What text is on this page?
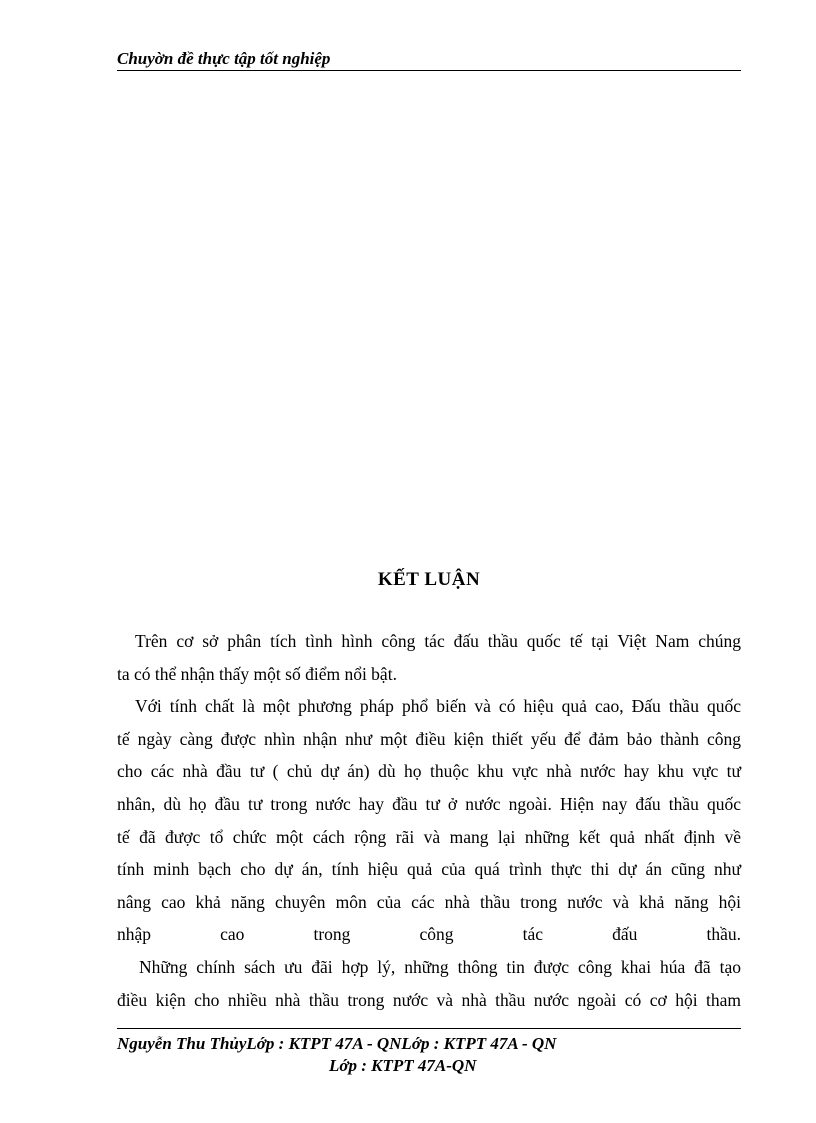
Chuyờn đề thực tập tốt nghiệp
KẾT LUẬN
Trên cơ sở phân tích tình hình công tác đấu thầu quốc tế tại Việt Nam chúng
ta có thể nhận thấy một số điểm nổi bật.
Với tính chất là một phương pháp phổ biến và có hiệu quả cao, Đấu thầu quốc
tế ngày càng được nhìn nhận như một điều kiện thiết yếu để đảm bảo thành công
cho các nhà đầu tư ( chủ dự án) dù họ thuộc khu vực nhà nước hay khu vực tư
nhân, dù họ đầu tư trong nước hay đầu tư ở nước ngoài. Hiện nay đấu thầu quốc
tế đã được tổ chức một cách rộng rãi và mang lại những kết quả nhất định về
tính minh bạch cho dự án, tính hiệu quả của quá trình thực thi dự án cũng như
nâng cao khả năng chuyên môn của các nhà thầu trong nước và khả năng hội
nhập cao trong công tác đấu thầu.
Những chính sách ưu đãi hợp lý, những thông tin được công khai húa đã tạo
điều kiện cho nhiều nhà thầu trong nước và nhà thầu nước ngoài có cơ hội tham
Nguyễn Thu ThủyLớp : KTPT 47A - QNLớp : KTPT 47A - QN
Lớp : KTPT 47A-QN
